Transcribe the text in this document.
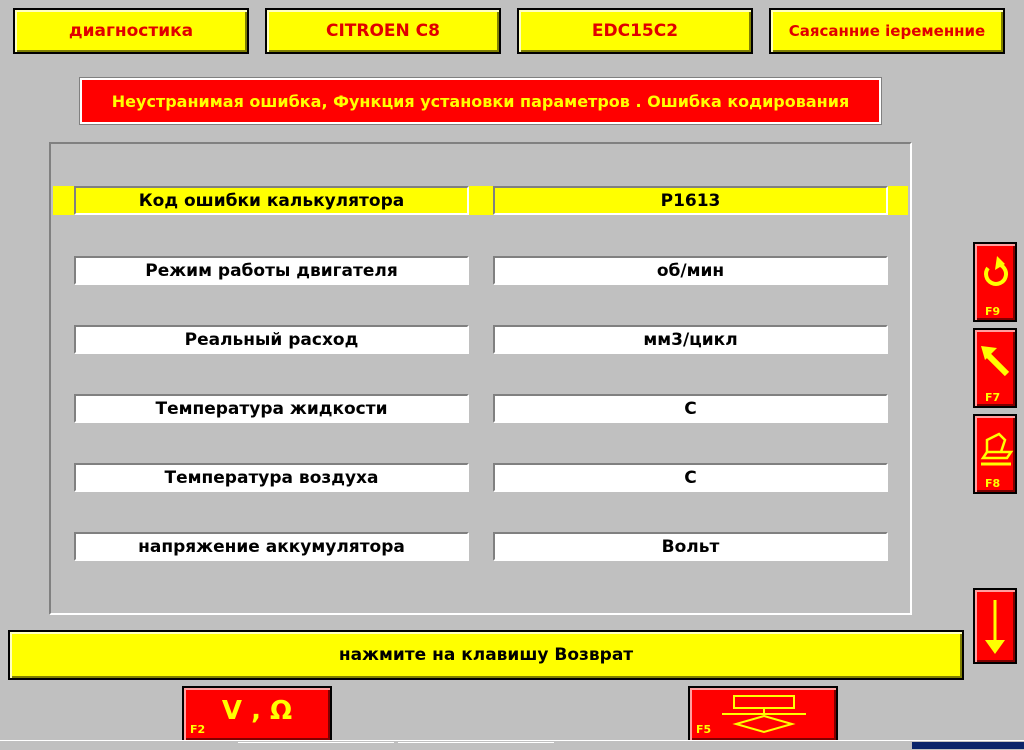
диагностика	CITROEN C8	EDC15C2	Саясанние іеременние
Неустранимая ошибка, Функция установки параметров . Ошибка кодирования
Код ошибки калькулятора	P1613
Режим работы двигателя	об/мин
Реальный расход	мм3/цикл
Температура жидкости	C
Температура воздуха	C
напряжение аккумулятора	Вольт
F9
F7
F8
нажмите на клавишу Возврат
V , Ω
F2	F5
